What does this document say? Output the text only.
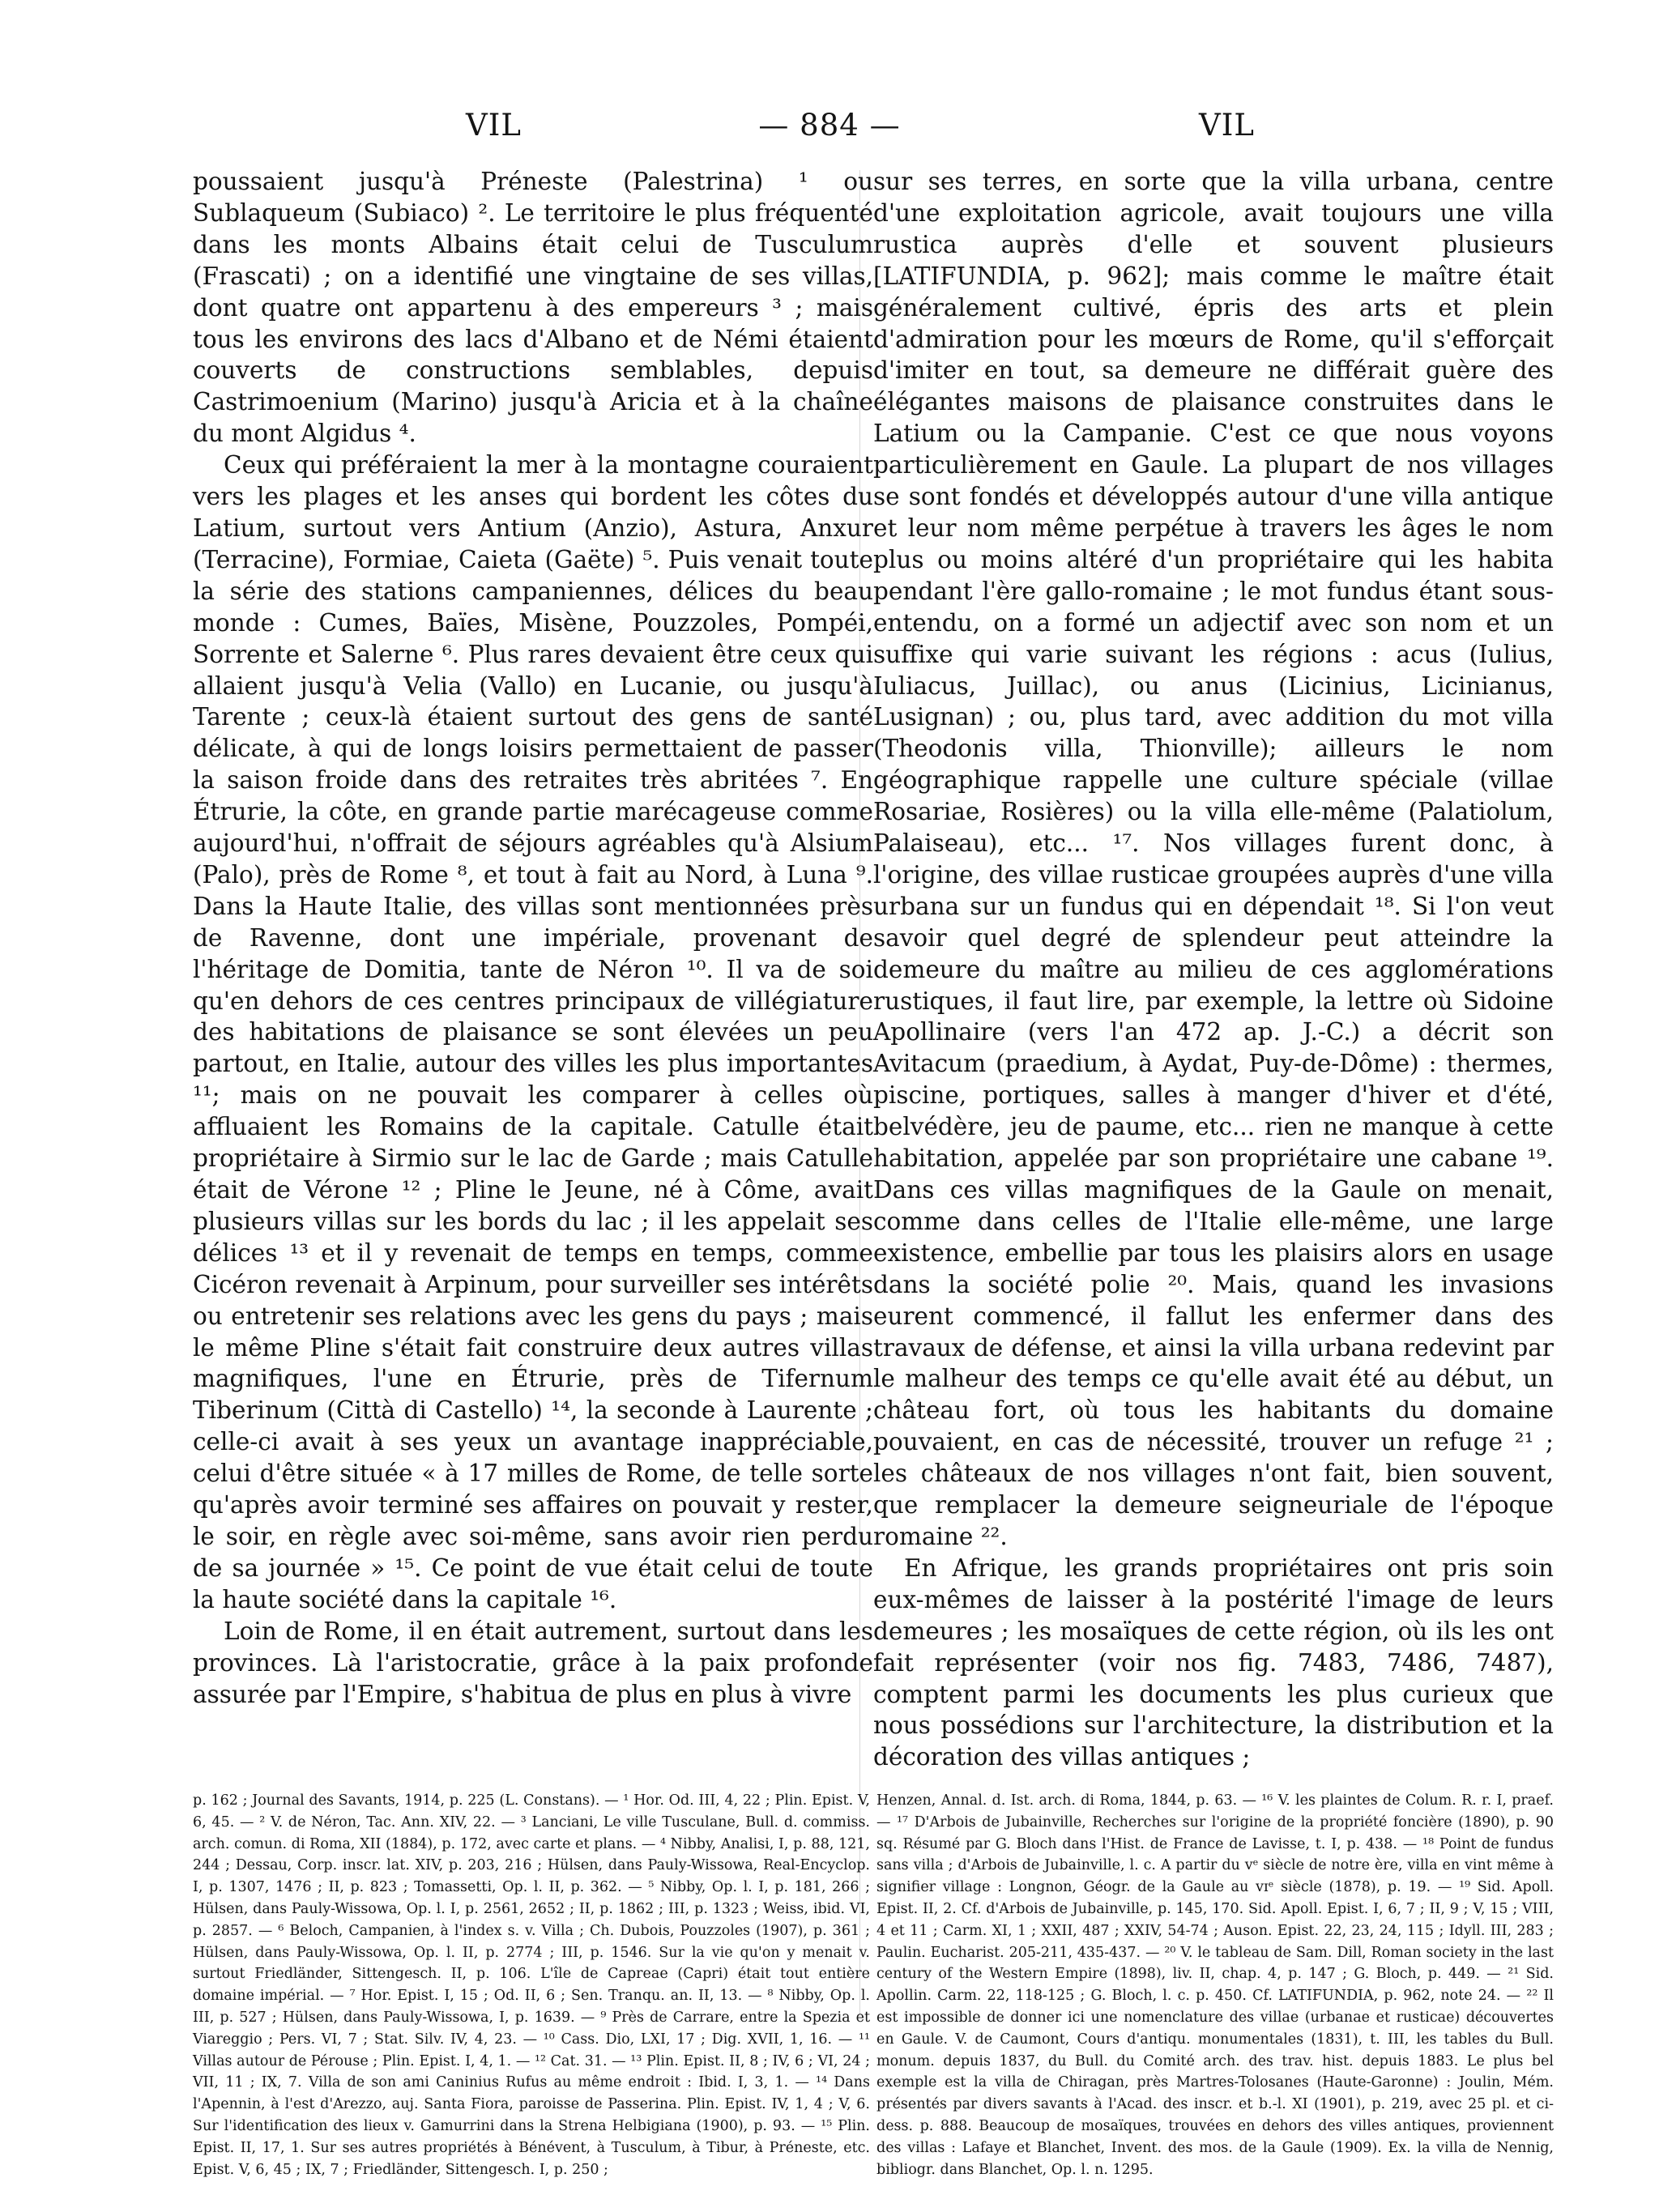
VIL	— 884 —	VIL

poussaient jusqu'à Préneste (Palestrina) ¹ ou Sublaqueum (Subiaco) ². Le territoire le plus fréquenté dans les monts Albains était celui de Tusculum (Frascati) ; on a identifié une vingtaine de ses villas, dont quatre ont appartenu à des empereurs ³ ; mais tous les environs des lacs d'Albano et de Némi étaient couverts de constructions semblables, depuis Castrimoenium (Marino) jusqu'à Aricia et à la chaîne du mont Algidus ⁴.

Ceux qui préféraient la mer à la montagne couraient vers les plages et les anses qui bordent les côtes du Latium, surtout vers Antium (Anzio), Astura, Anxur (Terracine), Formiae, Caieta (Gaëte) ⁵. Puis venait toute la série des stations campaniennes, délices du beau monde : Cumes, Baïes, Misène, Pouzzoles, Pompéi, Sorrente et Salerne ⁶. Plus rares devaient être ceux qui allaient jusqu'à Velia (Vallo) en Lucanie, ou jusqu'à Tarente ; ceux-là étaient surtout des gens de santé délicate, à qui de longs loisirs permettaient de passer la saison froide dans des retraites très abritées ⁷. En Étrurie, la côte, en grande partie marécageuse comme aujourd'hui, n'offrait de séjours agréables qu'à Alsium (Palo), près de Rome ⁸, et tout à fait au Nord, à Luna ⁹. Dans la Haute Italie, des villas sont mentionnées près de Ravenne, dont une impériale, provenant de l'héritage de Domitia, tante de Néron ¹⁰. Il va de soi qu'en dehors de ces centres principaux de villégiature des habitations de plaisance se sont élevées un peu partout, en Italie, autour des villes les plus importantes ¹¹; mais on ne pouvait les comparer à celles où affluaient les Romains de la capitale. Catulle était propriétaire à Sirmio sur le lac de Garde ; mais Catulle était de Vérone ¹² ; Pline le Jeune, né à Côme, avait plusieurs villas sur les bords du lac ; il les appelait ses délices ¹³ et il y revenait de temps en temps, comme Cicéron revenait à Arpinum, pour surveiller ses intérêts ou entretenir ses relations avec les gens du pays ; mais le même Pline s'était fait construire deux autres villas magnifiques, l'une en Étrurie, près de Tifernum Tiberinum (Città di Castello) ¹⁴, la seconde à Laurente ; celle-ci avait à ses yeux un avantage inappréciable, celui d'être située « à 17 milles de Rome, de telle sorte qu'après avoir terminé ses affaires on pouvait y rester, le soir, en règle avec soi-même, sans avoir rien perdu de sa journée » ¹⁵. Ce point de vue était celui de toute la haute société dans la capitale ¹⁶.

Loin de Rome, il en était autrement, surtout dans les provinces. Là l'aristocratie, grâce à la paix profonde assurée par l'Empire, s'habitua de plus en plus à vivre

sur ses terres, en sorte que la villa urbana, centre d'une exploitation agricole, avait toujours une villa rustica auprès d'elle et souvent plusieurs [LATIFUNDIA, p. 962]; mais comme le maître était généralement cultivé, épris des arts et plein d'admiration pour les mœurs de Rome, qu'il s'efforçait d'imiter en tout, sa demeure ne différait guère des élégantes maisons de plaisance construites dans le Latium ou la Campanie. C'est ce que nous voyons particulièrement en Gaule. La plupart de nos villages se sont fondés et développés autour d'une villa antique et leur nom même perpétue à travers les âges le nom plus ou moins altéré d'un propriétaire qui les habita pendant l'ère gallo-romaine ; le mot fundus étant sous-entendu, on a formé un adjectif avec son nom et un suffixe qui varie suivant les régions : acus (Iulius, Iuliacus, Juillac), ou anus (Licinius, Licinianus, Lusignan) ; ou, plus tard, avec addition du mot villa (Theodonis villa, Thionville); ailleurs le nom géographique rappelle une culture spéciale (villae Rosariae, Rosières) ou la villa elle-même (Palatiolum, Palaiseau), etc... ¹⁷. Nos villages furent donc, à l'origine, des villae rusticae groupées auprès d'une villa urbana sur un fundus qui en dépendait ¹⁸. Si l'on veut savoir quel degré de splendeur peut atteindre la demeure du maître au milieu de ces agglomérations rustiques, il faut lire, par exemple, la lettre où Sidoine Apollinaire (vers l'an 472 ap. J.-C.) a décrit son Avitacum (praedium, à Aydat, Puy-de-Dôme) : thermes, piscine, portiques, salles à manger d'hiver et d'été, belvédère, jeu de paume, etc... rien ne manque à cette habitation, appelée par son propriétaire une cabane ¹⁹. Dans ces villas magnifiques de la Gaule on menait, comme dans celles de l'Italie elle-même, une large existence, embellie par tous les plaisirs alors en usage dans la société polie ²⁰. Mais, quand les invasions eurent commencé, il fallut les enfermer dans des travaux de défense, et ainsi la villa urbana redevint par le malheur des temps ce qu'elle avait été au début, un château fort, où tous les habitants du domaine pouvaient, en cas de nécessité, trouver un refuge ²¹ ; les châteaux de nos villages n'ont fait, bien souvent, que remplacer la demeure seigneuriale de l'époque romaine ²².

En Afrique, les grands propriétaires ont pris soin eux-mêmes de laisser à la postérité l'image de leurs demeures ; les mosaïques de cette région, où ils les ont fait représenter (voir nos fig. 7483, 7486, 7487), comptent parmi les documents les plus curieux que nous possédions sur l'architecture, la distribution et la décoration des villas antiques ;

p. 162 ; Journal des Savants, 1914, p. 225 (L. Constans). — ¹ Hor. Od. III, 4, 22 ; Plin. Epist. V, 6, 45. — ² V. de Néron, Tac. Ann. XIV, 22. — ³ Lanciani, Le ville Tusculane, Bull. d. commiss. arch. comun. di Roma, XII (1884), p. 172, avec carte et plans. — ⁴ Nibby, Analisi, I, p. 88, 121, 244 ; Dessau, Corp. inscr. lat. XIV, p. 203, 216 ; Hülsen, dans Pauly-Wissowa, Real-Encyclop. I, p. 1307, 1476 ; II, p. 823 ; Tomassetti, Op. l. II, p. 362. — ⁵ Nibby, Op. l. I, p. 181, 266 ; Hülsen, dans Pauly-Wissowa, Op. l. I, p. 2561, 2652 ; II, p. 1862 ; III, p. 1323 ; Weiss, ibid. VI, p. 2857. — ⁶ Beloch, Campanien, à l'index s. v. Villa ; Ch. Dubois, Pouzzoles (1907), p. 361 ; Hülsen, dans Pauly-Wissowa, Op. l. II, p. 2774 ; III, p. 1546. Sur la vie qu'on y menait v. surtout Friedländer, Sittengesch. II, p. 106. L'île de Capreae (Capri) était tout entière domaine impérial. — ⁷ Hor. Epist. I, 15 ; Od. II, 6 ; Sen. Tranqu. an. II, 13. — ⁸ Nibby, Op. l. III, p. 527 ; Hülsen, dans Pauly-Wissowa, I, p. 1639. — ⁹ Près de Carrare, entre la Spezia et Viareggio ; Pers. VI, 7 ; Stat. Silv. IV, 4, 23. — ¹⁰ Cass. Dio, LXI, 17 ; Dig. XVII, 1, 16. — ¹¹ Villas autour de Pérouse ; Plin. Epist. I, 4, 1. — ¹² Cat. 31. — ¹³ Plin. Epist. II, 8 ; IV, 6 ; VI, 24 ; VII, 11 ; IX, 7. Villa de son ami Caninius Rufus au même endroit : Ibid. I, 3, 1. — ¹⁴ Dans l'Apennin, à l'est d'Arezzo, auj. Santa Fiora, paroisse de Passerina. Plin. Epist. IV, 1, 4 ; V, 6. Sur l'identification des lieux v. Gamurrini dans la Strena Helbigiana (1900), p. 93. — ¹⁵ Plin. Epist. II, 17, 1. Sur ses autres propriétés à Bénévent, à Tusculum, à Tibur, à Préneste, etc. Epist. V, 6, 45 ; IX, 7 ; Friedländer, Sittengesch. I, p. 250 ;

Henzen, Annal. d. Ist. arch. di Roma, 1844, p. 63. — ¹⁶ V. les plaintes de Colum. R. r. I, praef. — ¹⁷ D'Arbois de Jubainville, Recherches sur l'origine de la propriété foncière (1890), p. 90 sq. Résumé par G. Bloch dans l'Hist. de France de Lavisse, t. I, p. 438. — ¹⁸ Point de fundus sans villa ; d'Arbois de Jubainville, l. c. A partir du vᵉ siècle de notre ère, villa en vint même à signifier village : Longnon, Géogr. de la Gaule au vɪᵉ siècle (1878), p. 19. — ¹⁹ Sid. Apoll. Epist. II, 2. Cf. d'Arbois de Jubainville, p. 145, 170. Sid. Apoll. Epist. I, 6, 7 ; II, 9 ; V, 15 ; VIII, 4 et 11 ; Carm. XI, 1 ; XXII, 487 ; XXIV, 54-74 ; Auson. Epist. 22, 23, 24, 115 ; Idyll. III, 283 ; Paulin. Eucharist. 205-211, 435-437. — ²⁰ V. le tableau de Sam. Dill, Roman society in the last century of the Western Empire (1898), liv. II, chap. 4, p. 147 ; G. Bloch, p. 449. — ²¹ Sid. Apollin. Carm. 22, 118-125 ; G. Bloch, l. c. p. 450. Cf. LATIFUNDIA, p. 962, note 24. — ²² Il est impossible de donner ici une nomenclature des villae (urbanae et rusticae) découvertes en Gaule. V. de Caumont, Cours d'antiqu. monumentales (1831), t. III, les tables du Bull. monum. depuis 1837, du Bull. du Comité arch. des trav. hist. depuis 1883. Le plus bel exemple est la villa de Chiragan, près Martres-Tolosanes (Haute-Garonne) : Joulin, Mém. présentés par divers savants à l'Acad. des inscr. et b.-l. XI (1901), p. 219, avec 25 pl. et ci-dess. p. 888. Beaucoup de mosaïques, trouvées en dehors des villes antiques, proviennent des villas : Lafaye et Blanchet, Invent. des mos. de la Gaule (1909). Ex. la villa de Nennig, bibliogr. dans Blanchet, Op. l. n. 1295.
